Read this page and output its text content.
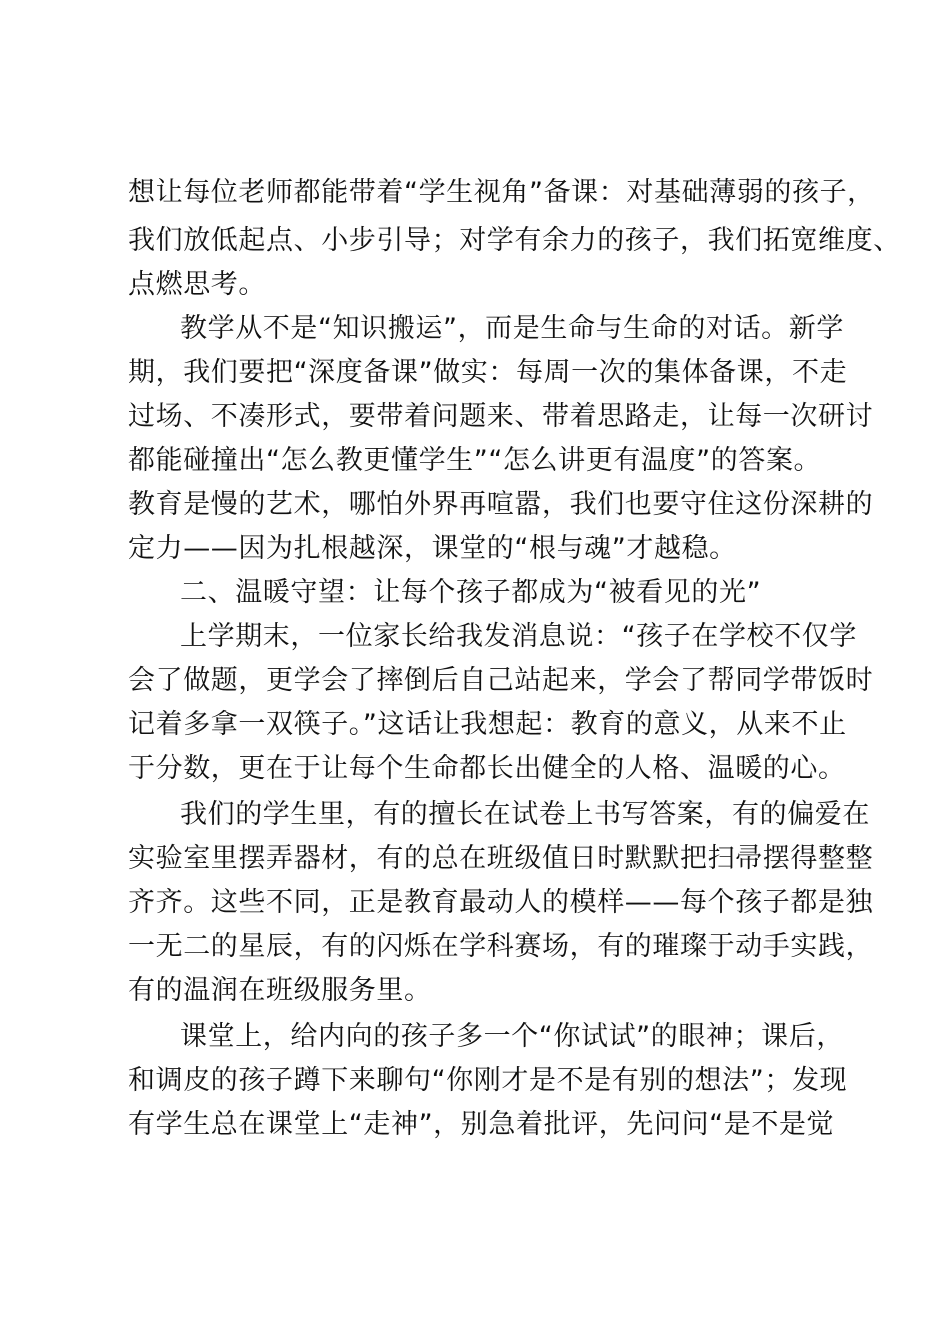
想让每位老师都能带着“学生视角”备课：对基础薄弱的孩子，
我们放低起点、小步引导；对学有余力的孩子，我们拓宽维度、
点燃思考。
教学从不是“知识搬运”，而是生命与生命的对话。新学
期，我们要把“深度备课”做实：每周一次的集体备课，不走
过场、不凑形式，要带着问题来、带着思路走，让每一次研讨
都能碰撞出“怎么教更懂学生”“怎么讲更有温度”的答案。
教育是慢的艺术，哪怕外界再喧嚣，我们也要守住这份深耕的
定力——因为扎根越深，课堂的“根与魂”才越稳。
二、温暖守望：让每个孩子都成为“被看见的光”
上学期末，一位家长给我发消息说：“孩子在学校不仅学
会了做题，更学会了摔倒后自己站起来，学会了帮同学带饭时
记着多拿一双筷子。”这话让我想起：教育的意义，从来不止
于分数，更在于让每个生命都长出健全的人格、温暖的心。
我们的学生里，有的擅长在试卷上书写答案，有的偏爱在
实验室里摆弄器材，有的总在班级值日时默默把扫帚摆得整整
齐齐。这些不同，正是教育最动人的模样——每个孩子都是独
一无二的星辰，有的闪烁在学科赛场，有的璀璨于动手实践，
有的温润在班级服务里。
课堂上，给内向的孩子多一个“你试试”的眼神；课后，
和调皮的孩子蹲下来聊句“你刚才是不是有别的想法”；发现
有学生总在课堂上“走神”，别急着批评，先问问“是不是觉
